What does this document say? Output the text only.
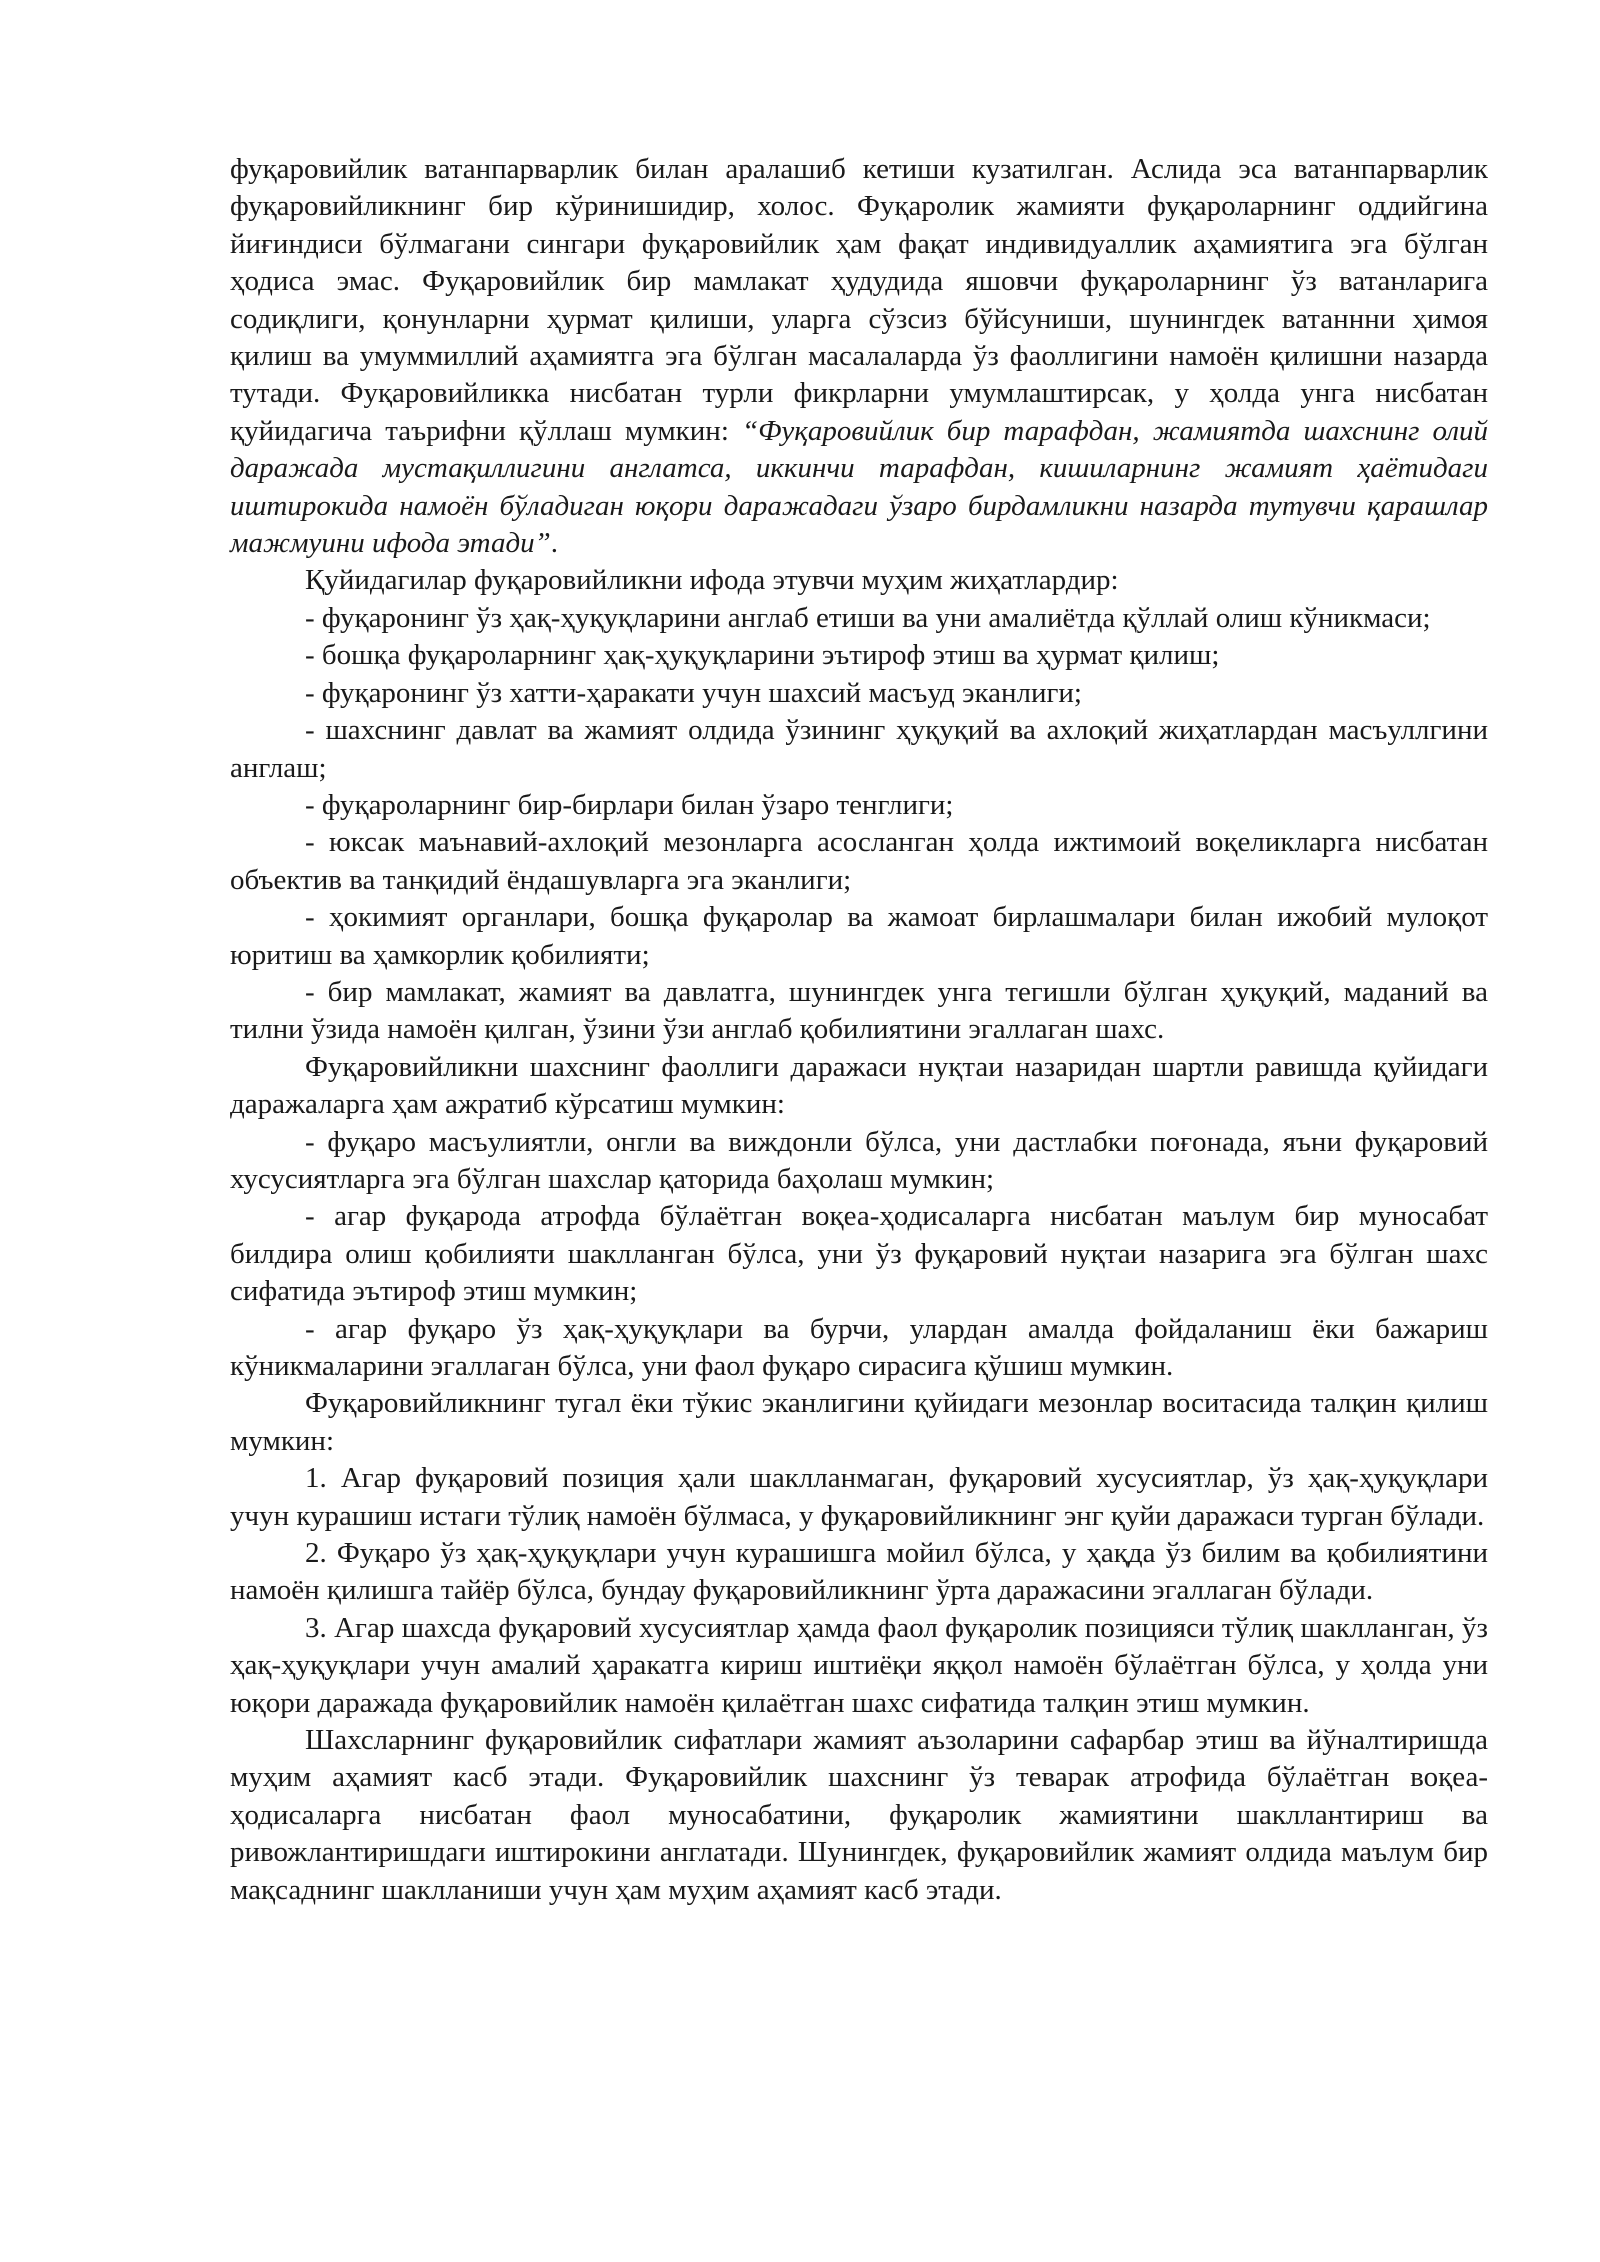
фуқаровийлик ватанпарварлик билан аралашиб кетиши кузатилган. Аслида эса ватанпарварлик фуқаровийликнинг бир кўринишидир, холос. Фуқаролик жамияти фуқароларнинг оддийгина йиғиндиси бўлмагани сингари фуқаровийлик ҳам фақат индивидуаллик аҳамиятига эга бўлган ҳодиса эмас. Фуқаровийлик бир мамлакат ҳудудида яшовчи фуқароларнинг ўз ватанларига содиқлиги, қонунларни ҳурмат қилиши, уларга сўзсиз бўйсуниши, шунингдек ватаннни ҳимоя қилиш ва умуммиллий аҳамиятга эга бўлган масалаларда ўз фаоллигини намоён қилишни назарда тутади. Фуқаровийликка нисбатан турли фикрларни умумлаштирсак, у ҳолда унга нисбатан қуйидагича таърифни қўллаш мумкин: “Фуқаровийлик бир тарафдан, жамиятда шахснинг олий даражада мустақиллигини англатса, иккинчи тарафдан, кишиларнинг жамият ҳаётидаги иштирокида намоён бўладиган юқори даражадаги ўзаро бирдамликни назарда тутувчи қарашлар мажмуини ифода этади”.

Қуйидагилар фуқаровийликни ифода этувчи муҳим жиҳатлардир:

- фуқаронинг ўз ҳақ-ҳуқуқларини англаб етиши ва уни амалиётда қўллай олиш кўникмаси;

- бошқа фуқароларнинг ҳақ-ҳуқуқларини эътироф этиш ва ҳурмат қилиш;

- фуқаронинг ўз хатти-ҳаракати учун шахсий масъуд эканлиги;

- шахснинг давлат ва жамият олдида ўзининг ҳуқуқий ва ахлоқий жиҳатлардан масъуллгини англаш;

- фуқароларнинг бир-бирлари билан ўзаро тенглиги;

- юксак маънавий-ахлоқий мезонларга асосланган ҳолда ижтимоий воқеликларга нисбатан объектив ва танқидий ёндашувларга эга эканлиги;

- ҳокимият органлари, бошқа фуқаролар ва жамоат бирлашмалари билан ижобий мулоқот юритиш ва ҳамкорлик қобилияти;

- бир мамлакат, жамият ва давлатга, шунингдек унга тегишли бўлган ҳуқуқий, маданий ва тилни ўзида намоён қилган, ўзини ўзи англаб қобилиятини эгаллаган шахс.

Фуқаровийликни шахснинг фаоллиги даражаси нуқтаи назаридан шартли равишда қуйидаги даражаларга ҳам ажратиб кўрсатиш мумкин:

- фуқаро масъулиятли, онгли ва виждонли бўлса, уни дастлабки поғонада, яъни фуқаровий хусусиятларга эга бўлган шахслар қаторида баҳолаш мумкин;

- агар фуқарода атрофда бўлаётган воқеа-ҳодисаларга нисбатан маълум бир муносабат билдира олиш қобилияти шаклланган бўлса, уни ўз фуқаровий нуқтаи назарига эга бўлган шахс сифатида эътироф этиш мумкин;

- агар фуқаро ўз ҳақ-ҳуқуқлари ва бурчи, улардан амалда фойдаланиш ёки бажариш кўникмаларини эгаллаган бўлса, уни фаол фуқаро сирасига қўшиш мумкин.

Фуқаровийликнинг тугал ёки тўкис эканлигини қуйидаги мезонлар воситасида талқин қилиш мумкин:

1. Агар фуқаровий позиция ҳали шаклланмаган, фуқаровий хусусиятлар, ўз ҳақ-ҳуқуқлари учун курашиш истаги тўлиқ намоён бўлмаса, у фуқаровийликнинг энг қуйи даражаси турган бўлади.

2. Фуқаро ўз ҳақ-ҳуқуқлари учун курашишга мойил бўлса, у ҳақда ўз билим ва қобилиятини намоён қилишга тайёр бўлса, бундау фуқаровийликнинг ўрта даражасини эгаллаган бўлади.

3. Агар шахсда фуқаровий хусусиятлар ҳамда фаол фуқаролик позицияси тўлиқ шаклланган, ўз ҳақ-ҳуқуқлари учун амалий ҳаракатга кириш иштиёқи яққол намоён бўлаётган бўлса, у ҳолда уни юқори даражада фуқаровийлик намоён қилаётган шахс сифатида талқин этиш мумкин.

Шахсларнинг фуқаровийлик сифатлари жамият аъзоларини сафарбар этиш ва йўналтиришда муҳим аҳамият касб этади. Фуқаровийлик шахснинг ўз теварак атрофида бўлаётган воқеа-ҳодисаларга нисбатан фаол муносабатини, фуқаролик жамиятини шакллантириш ва ривожлантиришдаги иштирокини англатади. Шунингдек, фуқаровийлик жамият олдида маълум бир мақсаднинг шаклланиши учун ҳам муҳим аҳамият касб этади.
